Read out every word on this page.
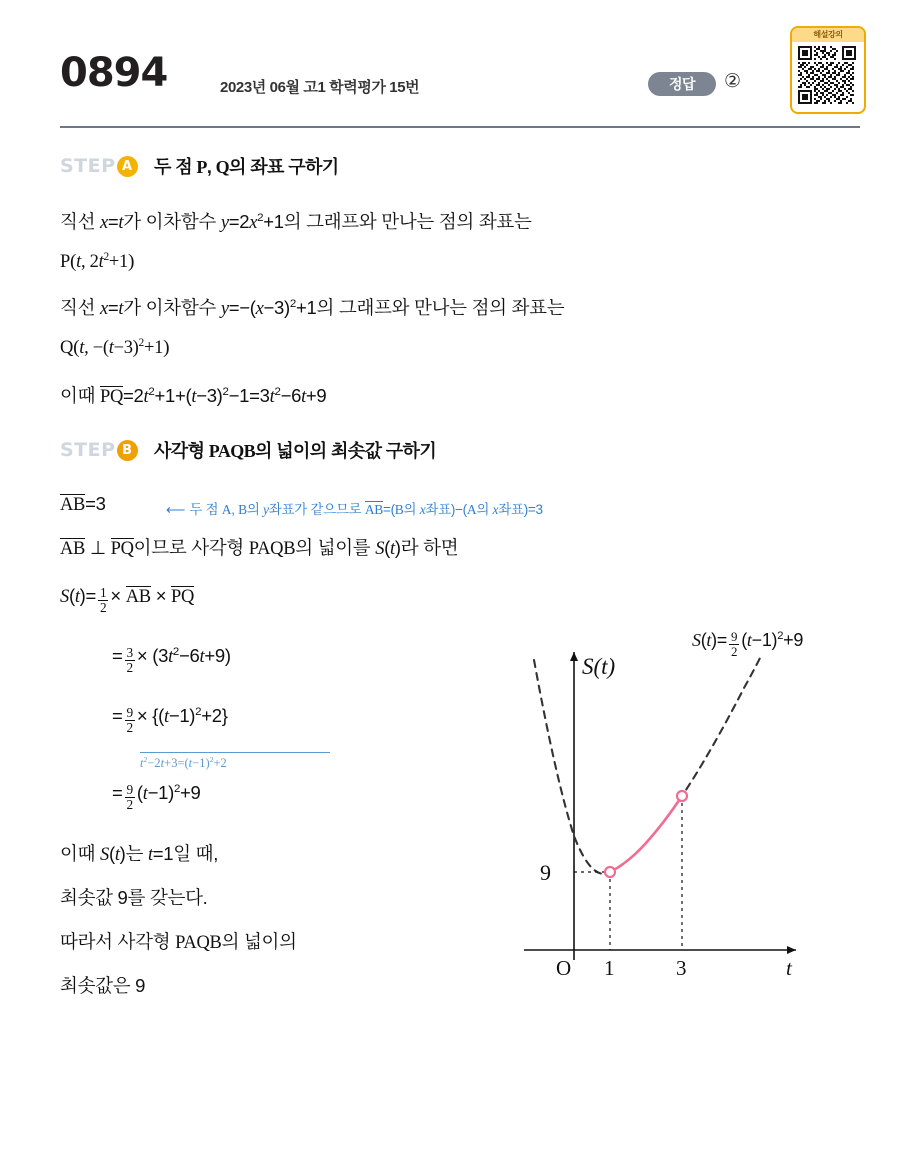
0894	2023년 06월 고1 학력평가 15번	정답	②
해설강의
STEP A 두 점 P, Q의 좌표 구하기
직선 x=t가 이차함수 $y=2x^2+1$의 그래프와 만나는 점의 좌표는
P(t, $2t^2+1$)
직선 x=t가 이차함수 $y=-(x-3)^2+1$의 그래프와 만나는 점의 좌표는
Q(t, $-(t-3)^2+1$)
이때 $PQ=2t^2+1+(t-3)^2-1=3t^2-6t+9$
STEP B 사각형 PAQB의 넓이의 최솟값 구하기
AB=3	⟵ 두 점 A, B의 y좌표가 같으므로 AB=(B의 x좌표)−(A의 x좌표)=3
AB ⊥ PQ이므로 사각형 PAQB의 넓이를 S(t)라 하면
$S(t)= \frac{1}{2}$ × AB × PQ
= $\frac{3}{2} \times (3t^2-6t+9)$
= $\frac{9}{2} \times \{(t-1)^2+2\}$
$t^2-2t+3=(t-1)^2+2$
= $\frac{9}{2} (t-1)^2+9$
이때 S(t)는 t=1일 때,
최솟값 9를 갖는다.
따라서 사각형 PAQB의 넓이의
최솟값은 9
$S(t)= \frac{9}{2} (t-1)^2+9$
S(t)
9
O 1	3	t
